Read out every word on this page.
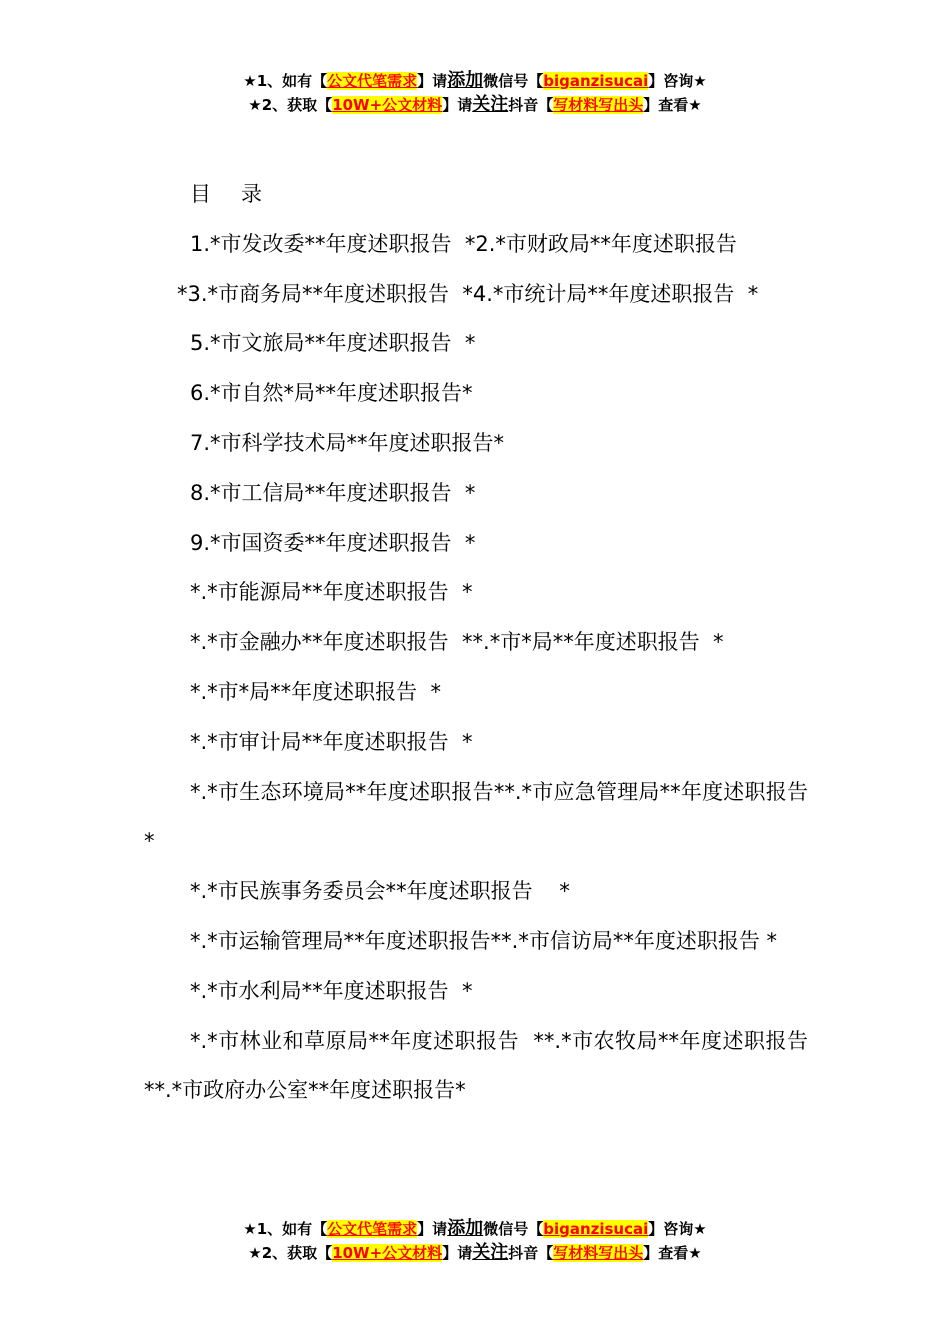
★1、如有【公文代笔需求】请添加微信号【biganzisucai】咨询★
★2、获取【10W+公文材料】请关注抖音【写材料写出头】查看★

目 录

1.*市发改委**年度述职报告  *2.*市财政局**年度述职报告

*3.*市商务局**年度述职报告  *4.*市统计局**年度述职报告  *

5.*市文旅局**年度述职报告  *

6.*市自然*局**年度述职报告*

7.*市科学技术局**年度述职报告*

8.*市工信局**年度述职报告  *

9.*市国资委**年度述职报告  *

*.*市能源局**年度述职报告  *

*.*市金融办**年度述职报告  **.*市*局**年度述职报告  *

*.*市*局**年度述职报告  *

*.*市审计局**年度述职报告  *

*.*市生态环境局**年度述职报告**.*市应急管理局**年度述职报告  *

*.*市民族事务委员会**年度述职报告    *

*.*市运输管理局**年度述职报告**.*市信访局**年度述职报告 *

*.*市水利局**年度述职报告  *

*.*市林业和草原局**年度述职报告  **.*市农牧局**年度述职报告  **.*市政府办公室**年度述职报告*

★1、如有【公文代笔需求】请添加微信号【biganzisucai】咨询★
★2、获取【10W+公文材料】请关注抖音【写材料写出头】查看★
